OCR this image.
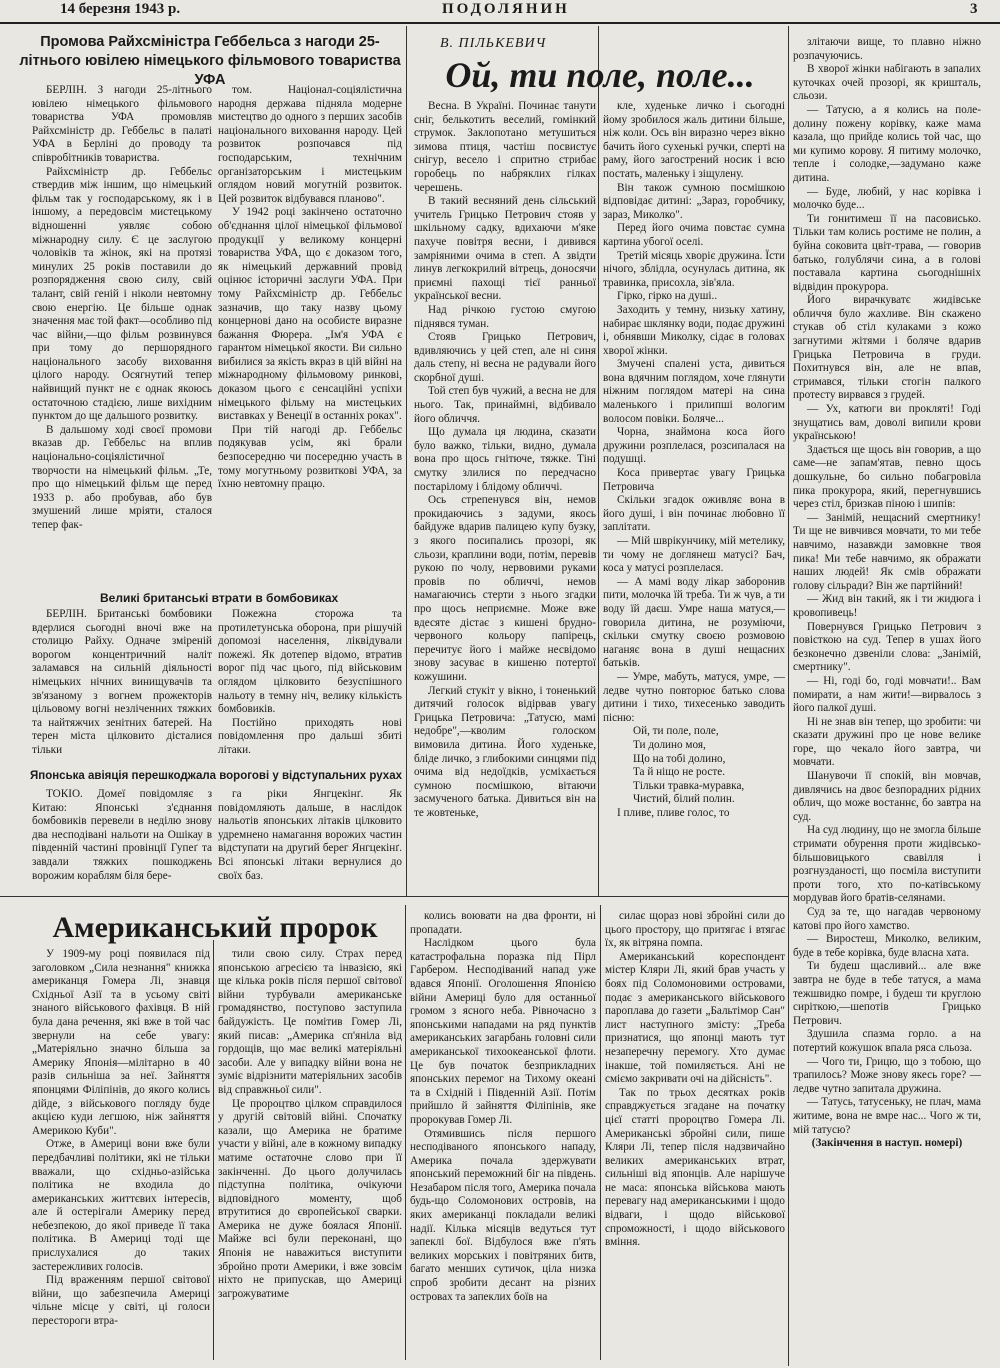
14 березня 1943 р.	ПОДОЛЯНИН	3
Промова Райхсміністра Геббельса з нагоди 25-літнього ювілею німецького фільмового товариства УФА

БЕРЛІН. З нагоди 25-літнього ювілею німецького фільмового товариства УФА промовляв Райхсміністр др. Геббельс в палаті УФА в Берліні до проводу та співробітників товариства.

Райхсміністр др. Геббельс ствердив між іншим, що німецький фільм так у господарському, як і в іншому, а передовсім мистецькому відношенні уявляє собою міжнародну силу. Є це заслугою чоловіків та жінок, які на протязі минулих 25 років поставили до розпорядження свою силу, свій талант, свій геній і ніколи невтомну свою енергію. Це більше однак значення має той факт—особливо під час війни,—що фільм розвинувся при тому до першорядного національного засобу виховання цілого народу. Осягнутий тепер найвищий пункт не є однак якоюсь остаточною стадією, лише вихідним пунктом до ще дальшого розвитку.

В дальшому ході своєї промови вказав др. Геббельс на вплив національно-соціялістичної творчости на німецький фільм. „Те, про що німецький фільм ще перед 1933 р. або пробував, або був змушений лише мріяти, сталося тепер фак-

том. Націонал-соціялістична народня держава підняла модерне мистецтво до одного з перших засобів національного виховання народу. Цей розвиток розпочався під господарським, технічним організаторським і мистецьким оглядом новий могутній розвиток. Цей розвиток відбувався планово".

У 1942 році закінчено остаточно об'єднання цілої німецької фільмової продукції у великому концерні товариства УФА, що є доказом того, як німецький державний провід оцінює історичні заслуги УФА. При тому Райхсміністр др. Геббельс зазначив, що таку назву цьому концернові дано на особисте виразне бажання Фюрера. „Ім'я УФА є гарантом німецької якости. Ви сильно вибилися за якість вкраз в цій війні на міжнародному фільмовому ринкові, доказом цього є сенсаційні успіхи німецького фільму на мистецьких виставках у Венеції в останніх роках".

При тій нагоді др. Геббельс подякував усім, які брали безпосередню чи посередню участь в тому могутньому розвиткові УФА, за їхню невтомну працю.

Великі британські втрати в бомбовиках

БЕРЛІН. Британські бомбовики вдерлися сьогодні вночі вже на столицю Райху. Одначе зміреній ворогом концентричний наліт заламався на сильній діяльності німецьких нічних винищувачів та зв'язаному з вогнем прожекторів цільовому вогні незліченних тяжких та найтяжчих зенітних батерей. На терен міста цілковито дісталися тільки

Пожежна сторожа та протилетунська оборона, при рішучій допомозі населення, ліквідували пожежі. Як дотепер відомо, втратив ворог під час цього, під військовим оглядом цілковито безуспішного нальоту в темну ніч, велику кількість бомбовиків.

Постійно приходять нові повідомлення про дальші збиті літаки.

Японська авіяція перешкоджала ворогові у відступальних рухах

ТОКІО. Домеї повідомляє з Китаю: Японські з'єднання бомбовиків перевели в неділю знову два несподівані нальоти на Ошікау в південній частині провінції Гупеґ та завдали тяжких пошкоджень ворожим кораблям біля бере-

га ріки Янгцекінґ. Як повідомляють дальше, в наслідок нальотів японських літаків цілковито удремнено намагання ворожих частин відступати на другий берег Янгцекінґ. Всі японські літаки вернулися до своїх баз.

В. ПІЛЬКЕВИЧ
Ой, ти поле, поле...

Весна. В Україні. Починає танути сніг, белькотить веселий, гомінкий струмок. Заклопотано метушиться зимова птиця, частіш посвистує снігур, весело і спритно стрибає горобець по набряклих гілках черешень.

В такий весняний день сільський учитель Грицько Петрович стояв у шкільному садку, вдихаючи м'яке пахуче повітря весни, і дивився замріяними очима в степ. А звідти линув легкокрилий вітрець, доносячи приємні пахощі тієї ранньої української весни.

Над річкою густою смугою піднявся туман.

Стояв Грицько Петрович, вдивляючись у цей степ, але ні синя даль степу, ні весна не радували його скорбної душі.

Той степ був чужий, а весна не для нього. Так, принаймні, відбивало його обличчя.

Що думала ця людина, сказати було важко, тільки, видно, думала вона про щось гнітюче, тяжке. Тіні смутку злилися по передчасно постарілому і блідому обличчі.

Ось стрепенувся він, немов прокидаючись з задуми, якось байдуже вдарив палицею купу бузку, з якого посипались прозорі, як сльози, краплини води, потім, перевів рукою по чолу, нервовими руками провів по обличчі, немов намагаючись стерти з нього згадки про щось неприємне. Може вже вдесяте дістає з кишені брудно-червоного кольору папірець, перечитує його і майже несвідомо знову засуває в кишеню потертої кожушини.

Легкий стукіт у вікно, і тоненький дитячий голосок відірвав увагу Грицька Петровича: „Татусю, мамі недобре",—кволим голоском вимовила дитина. Його худеньке, бліде личко, з глибокими синцями під очима від недоїдків, усміхається сумною посмішкою, вітаючи засмученого батька. Дивиться він на те жовтеньке,

кле, худеньке личко і сьогодні йому зробилося жаль дитини більше, ніж коли. Ось він виразно через вікно бачить його сухенькі ручки, сперті на раму, його загострений носик і всю постать, маленьку і зіщулену.

Він також сумною посмішкою відповідає дитині: „Зараз, горобчику, зараз, Миколко".

Перед його очима повстає сумна картина убогої оселі.

Третій місяць хворіє дружина. Їсти нічого, зблідла, осунулась дитина, як травинка, присохла, зів'яла.

Гірко, гірко на душі..

Заходить у темну, низьку хатину, набирає шклянку води, подає дружині і, обнявши Миколку, сідає в головах хворої жінки.

Змучені спалені уста, дивиться вона вдячним поглядом, хоче глянути ніжним поглядом матері на сина маленького і прилипші вологим волосом повіки. Боляче...

Чорна, знаймона коса його дружини розплелася, розсипалася на подушці.

Коса привертає увагу Грицька Петровича

Скільки згадок оживляє вона в його душі, і він починає любовно її заплітати.

— Мій шврікунчику, мій метелику, ти чому не доглянеш матусі? Бач, коса у матусі розплелася.

— А мамі воду лікар заборонив пити, молочка їй треба. Ти ж чув, а ти воду їй даєш. Умре наша матуся,—говорила дитина, не розуміючи, скільки смутку своєю розмовою наганяє вона в душі нещасних батьків.

— Умре, мабуть, матуся, умре, — ледве чутно повторює батько слова дитини і тихо, тихесенько заводить пісню:

Ой, ти поле, поле,
Ти долино моя,
Що на тобі долино,
Та й ніщо не росте.
Тільки травка-муравка,
Чистий, білий полин.

І пливе, пливе голос, то

злітаючи вище, то плавно ніжно розпачуючись.

В хворої жінки набігають в запалих куточках очей прозорі, як кришталь, сльози.

— Татусю, а я колись на поле-долину пожену корівку, каже мама казала, що прийде колись той час, що ми купимо корову. Я питиму молочко, тепле і солодке,—задумано каже дитина.

— Буде, любий, у нас корівка і молочко буде...

Ти гонитимеш її на пасовисько. Тільки там колись ростиме не полин, а буйна соковита цвіт-трава, — говорив батько, голублячи сина, а в голові поставала картина сьогоднішніх відвідин прокурора.

Його вирачкуватє жидівське обличчя було жахливе. Він скажено стукав об стіл кулаками з кожо загнутими жітями і боляче вдарив Грицька Петровича в груди. Похитнувся він, але не впав, стримався, тільки стогін палкого протесту вирвався з грудей.

— Ух, катюги ви прокляті! Годі знущатись вам, доволі випили крови українською!

Здається ще щось він говорив, а що саме—не запам'ятав, певно щось дошкульне, бо сильно побагровіла пика прокурора, який, перегнувшись через стіл, бризкав піною і шипів:

— Занімій, нещасний смертнику! Ти ще не вивчився мовчати, то ми тебе навчимо, назавжди замовкне твоя пика! Ми тебе навчимо, як ображати наших людей! Як смів ображати голову сільради? Він же партійний!

— Жид він такий, як і ти жидюга і кровопивець!

Повернувся Грицько Петрович з повісткою на суд. Тепер в ушах його безконечно дзвеніли слова: „Занімій, смертнику".

— Ні, годі бо, годі мовчати!.. Вам помирати, а нам жити!—вирвалось з його палкої душі.

Ні не знав він тепер, що зробити: чи сказати дружині про це нове велике горе, що чекало його завтра, чи мовчати.

Шанувочи її спокій, він мовчав, дивлячись на двоє безпорадних рідних облич, що може востаннє, бо завтра на суд.

На суд людину, що не змогла більше стримати обурення проти жидівсько-більшовицького свавілля і розгнузданості, що посміла виступити проти того, хто по-катівському мордував його братів-селянами.

Суд за те, що нагадав червоному катові про його хамство.

— Виростеш, Миколко, великим, буде в тебе корівка, буде власна хата.

Ти будеш щасливий... але вже завтра не буде в тебе татуся, а мама тежшвидко помре, і будеш ти круглою сиріткою,—шепотів Грицько Петрович.

Здушила спазма горло. а на потертий кожушок впала ряса сльоза.

— Чого ти, Грицю, що з тобою, що трапилось? Може знову якесь горе? — ледве чутно запитала дружина.

— Татусь, татусеньку, не плач, мама житиме, вона не вмре нас... Чого ж ти, мій татусю?

(Закінчення в наступ. номері)

Американський пророк

У 1909-му році появилася під заголовком „Сила незнання" книжка американця Гомера Лі, знавця Східньої Азії та в усьому світі знаного військового фахівця. В ній була дана речення, які вже в той час звернули на себе увагу: „Матеріяльно значно більша за Америку Японія—мілітарно в 40 разів сильніша за неї. Зайняття японцями Філіпінів, до якого колись дійде, з військового погляду буде акцією куди легшою, ніж зайняття Америкою Куби".

Отже, в Америці вони вже були передбачливі політики, які не тільки вважали, що східньо-азійська політика не входила до американських життєвих інтересів, але й остерігали Америку перед небезпекою, до якої приведе її така політика. В Америці тоді ще прислухалися до таких застережливих голосів.

Під враженням першої світової війни, що забезпечила Америці чільне місце у світі, ці голоси перестороги втра-

тили свою силу. Страх перед японською агресією та інвазією, які ще кілька років після першої світової війни турбували американське громадянство, поступово заступила байдужість. Це помітив Гомер Лі, який писав: „Америка сп'яніла від гордощів, що має великі матеріяльні засоби. Але у випадку війни вона не зуміє відрізнити матеріяльних засобів від справжньої сили".

Це пророцтво цілком справдилося у другій світовій війні. Спочатку казали, що Америка не братиме участи у війні, але в кожному випадку матиме остаточне слово при її закінченні. До цього долучилась підступна політика, очікуючи відповідного моменту, щоб втрутитися до європейської сварки. Америка не дуже боялася Японії. Майже всі були переконані, що Японія не наважиться виступити збройно проти Америки, і вже зовсім ніхто не припускав, що Америці загрожуватиме

колись воювати на два фронти, ні пропадати.

Наслідком цього була катастрофальна поразка під Пірл Гарбером. Несподіваний напад уже вдався Японії. Оголошення Японією війни Америці було для останньої громом з ясного неба. Рівночасно з японськими нападами на ряд пунктів американських загарбань головні сили американської тихоокеанської флоти. Це був початок безприкладних японських перемог на Тихому океані та в Східній і Південній Азії. Потім прийшло й зайняття Філіпінів, яке пророкував Гомер Лі.

Отямившись після першого несподіваного японського нападу, Америка почала здержувати японський переможний біг на південь. Незабаром після того, Америка почала будь-що Соломонових островів, на яких американці покладали великі надії. Кілька місяців ведуться тут запеклі бої. Відбулося вже п'ять великих морських і повітряних битв, багато менших сутичок, ціла низка спроб зробити десант на різних островах та запеклих боїв на

силає щораз нові збройні сили до цього простору, що притягає і втягає їх, як вітряна помпа.

Американський кореспондент містер Кляри Лі, який брав участь у боях під Соломоновими островами, подає з американського військового пароплава до газети „Бальтімор Сан" лист наступного змісту: „Треба признатися, що японці мають тут незаперечну перемогу. Хто думає інакше, той помиляється. Ані не сміємо закривати очі на дійсність".

Так по трьох десятках років справджується згадане на початку цієї статті пророцтво Гомера Лі. Американські збройні сили, пише Кляри Лі, тепер після надзвичайно великих американських втрат, сильніші від японців. Але нарішуче не маса: японська військова мають перевагу над американськими і щодо відваги, і щодо військової спроможності, і щодо військового вміння.
